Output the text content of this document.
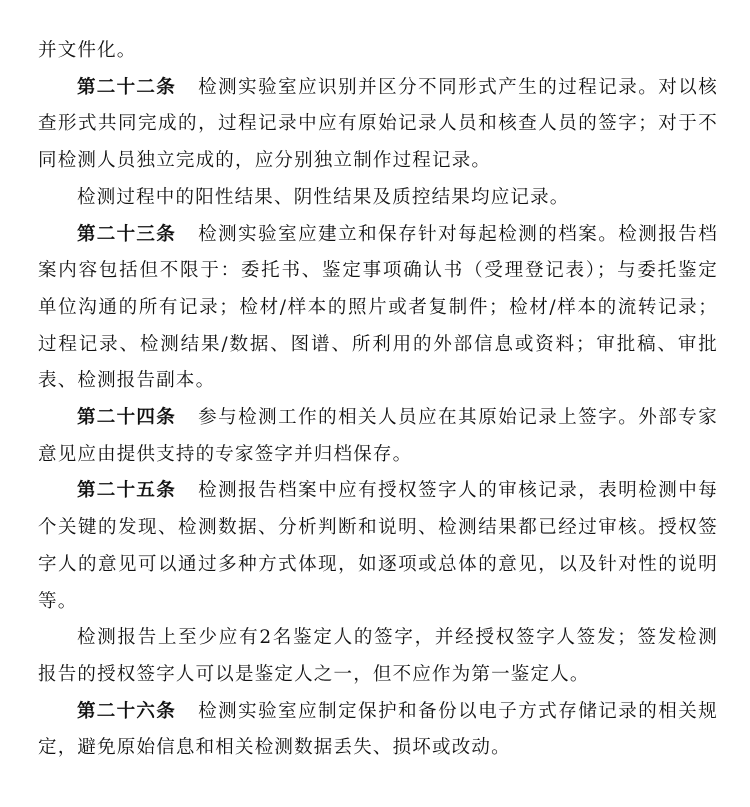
并文件化。

第二十二条 检测实验室应识别并区分不同形式产生的过程记录。对以核查形式共同完成的，过程记录中应有原始记录人员和核查人员的签字；对于不同检测人员独立完成的，应分别独立制作过程记录。

检测过程中的阳性结果、阴性结果及质控结果均应记录。

第二十三条 检测实验室应建立和保存针对每起检测的档案。检测报告档案内容包括但不限于：委托书、鉴定事项确认书（受理登记表）；与委托鉴定单位沟通的所有记录；检材/样本的照片或者复制件；检材/样本的流转记录；过程记录、检测结果/数据、图谱、所利用的外部信息或资料；审批稿、审批表、检测报告副本。

第二十四条 参与检测工作的相关人员应在其原始记录上签字。外部专家意见应由提供支持的专家签字并归档保存。

第二十五条 检测报告档案中应有授权签字人的审核记录，表明检测中每个关键的发现、检测数据、分析判断和说明、检测结果都已经过审核。授权签字人的意见可以通过多种方式体现，如逐项或总体的意见，以及针对性的说明等。

检测报告上至少应有2名鉴定人的签字，并经授权签字人签发；签发检测报告的授权签字人可以是鉴定人之一，但不应作为第一鉴定人。

第二十六条 检测实验室应制定保护和备份以电子方式存储记录的相关规定，避免原始信息和相关检测数据丢失、损坏或改动。
